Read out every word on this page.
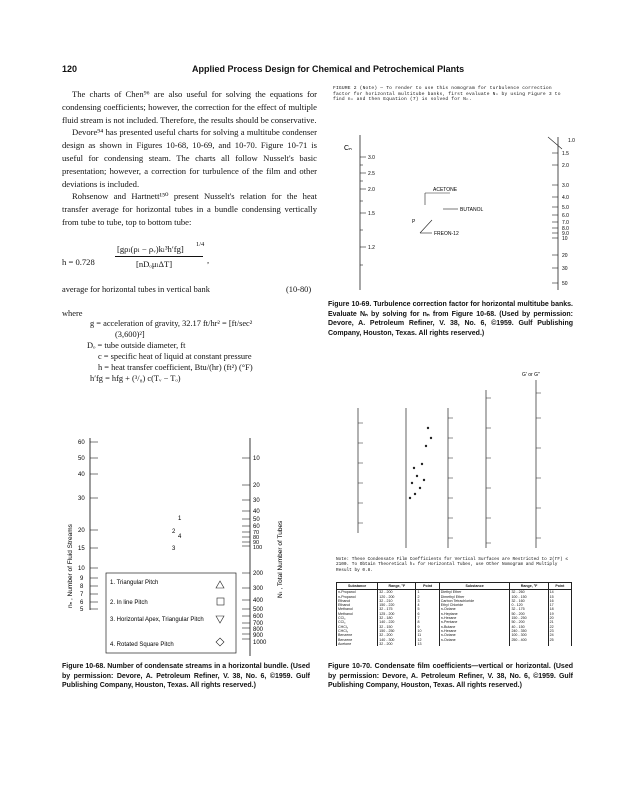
120	Applied Process Design for Chemical and Petrochemical Plants

The charts of Chen⁹⁶ are also useful for solving the equations for condensing coefficients; however, the correction for the effect of multiple fluid stream is not included. Therefore, the results should be conservative.

Devore⁹⁴ has presented useful charts for solving a multitube condenser design as shown in Figures 10-68, 10-69, and 10-70. Figure 10-71 is useful for condensing steam. The charts all follow Nusselt's basic presentation; however, a correction for turbulence of the film and other deviations is included.

Rohsenow and Hartnett¹⁵⁰ present Nusselt's relation for the heat transfer average for horizontal tubes in a bundle condensing vertically from tube to tube, top to bottom tube:

h = 0.728
[gρₗ(ρₗ − ρᵥ)kₗ³h′fg] 1/4
[nDₒμₗΔT]	,
average for horizontal tubes in vertical bank	(10-80)
where
g = acceleration of gravity, 32.17 ft/hr² = [ft/sec²
(3,600)²]
Dₒ = tube outside diameter, ft
c = specific heat of liquid at constant pressure
h = heat transfer coefficient, Btu/(hr) (ft²) (°F)
h′fg = hfg + (³/₈) c(Tᵥ − Tₒ)
FIGURE 2 (Note) — To render to use this nomogram for turbulence correction factor for horizontal multitube banks, first evaluate Nₙ by using Figure 3 to find nₙ and then Equation (7) is solved for Nₙ.
Cₙ
3.0
2.5
2.0
1.5
1.2
ACETONE
BUTANOL
FREON-12
P
1.0
1.5
2.0
3.0
4.0
5.0
6.0
7.0
8.0
9.0
10
20
30
50
Figure 10-69. Turbulence correction factor for horizontal multitube banks. Evaluate Nₙ by solving for nₙ from Figure 10-68. (Used by permission: Devore, A. Petroleum Refiner, V. 38, No. 6, ©1959. Gulf Publishing Company, Houston, Texas. All rights reserved.)
nₙ , Number of Fluid Streams
60
50
40
30
20
15
10
9
8
7
6
5
1
2
4
3
10
20
30
40
50
60
70
80
90
100
200
300
400
500
600
700
800
900
1000
Nₜ , Total Number of Tubes
1. Triangular Pitch
2. In line Pitch
3. Horizontal Apex, Triangular Pitch
4. Rotated Square Pitch
Figure 10-68. Number of condensate streams in a horizontal bundle. (Used by permission: Devore, A. Petroleum Refiner, V. 38, No. 6, ©1959. Gulf Publishing Company, Houston, Texas. All rights reserved.)
G' or G''
Note: These Condensate Film Coefficients for Vertical Surfaces are Restricted to 2(ΓF) ≤ 2100. To Obtain Theoretical hₘ for Horizontal Tubes, use Other Nomogram and Multiply Result by 0.8.
Substance	Range, °F	Point	Substance	Range, °F	Point
n-Propanol	32 - 200	1	Diethyl Ether	32 - 260	14
n-Propanol	120 - 200	2	Dimethyl Ether	100 - 150	15
Ethanol	32 - 210	3	Carbon Tetrachloride	32 - 160	16
Ethanol	150 - 220	4	Ethyl Chloride	0 - 120	17
Methanol	32 - 175	5	n-Octane	32 - 175	18
Methanol	125 - 200	6	n-Heptane	50 - 200	19
CCl₄	32 - 180	7	n-Hexane	150 - 250	20
CCl₄	140 - 220	8	n-Pentane	50 - 200	21
CHCl₃	32 - 150	9	n-Butane	40 - 150	22
CHCl₃	150 - 250	10	n-Hexane	240 - 350	23
Benzene	32 - 200	11	n-Octane	100 - 300	24
Benzene	140 - 300	12	n-Octane	250 - 400	25
Acetone	32 - 200	13			
Figure 10-70. Condensate film coefficients—vertical or horizontal. (Used by permission: Devore, A. Petroleum Refiner, V. 38, No. 6, ©1959. Gulf Publishing Company, Houston, Texas. All rights reserved.)
